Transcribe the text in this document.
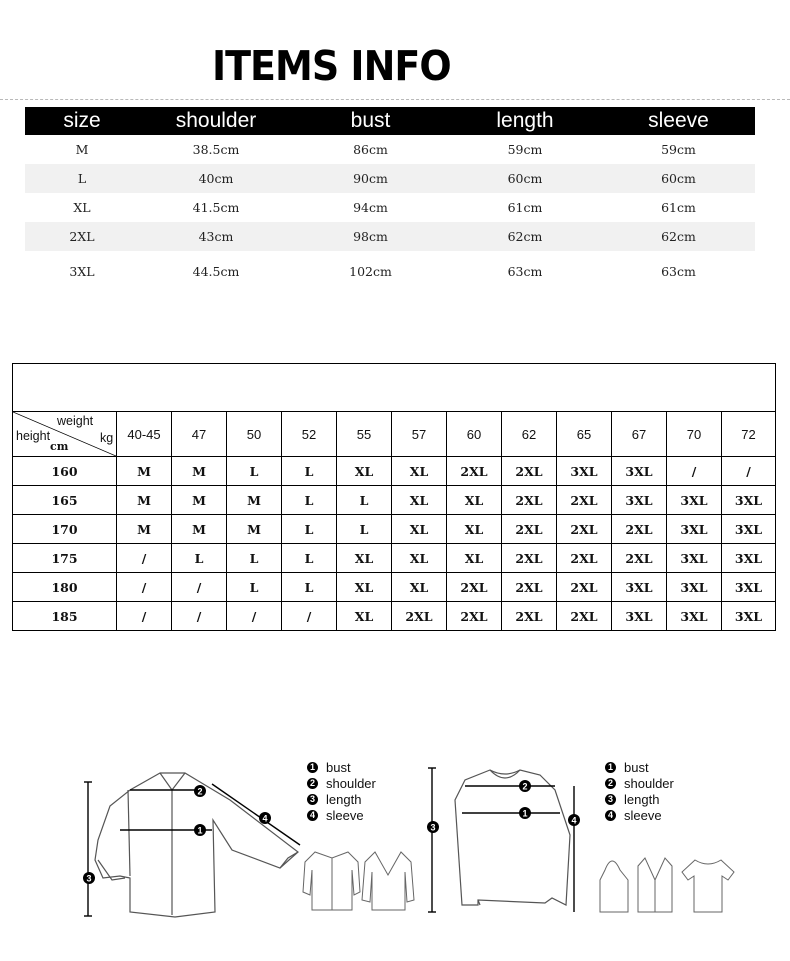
ITEMS INFO
size	shoulder	bust	length	sleeve
M	38.5cm	86cm	59cm	59cm
L	40cm	90cm	60cm	60cm
XL	41.5cm	94cm	61cm	61cm
2XL	43cm	98cm	62cm	62cm
3XL	44.5cm	102cm	63cm	63cm

weight
height kg
cm	40-45	47	50	52	55	57	60	62	65	67	70	72
160	M	M	L	L	XL	XL	2XL	2XL	3XL	3XL	/	/
165	M	M	M	L	L	XL	XL	2XL	2XL	3XL	3XL	3XL
170	M	M	M	L	L	XL	XL	2XL	2XL	2XL	3XL	3XL
175	/	L	L	L	XL	XL	XL	2XL	2XL	2XL	3XL	3XL
180	/	/	L	L	XL	XL	2XL	2XL	2XL	3XL	3XL	3XL
185	/	/	/	/	XL	2XL	2XL	2XL	2XL	3XL	3XL	3XL
2
1
4
3
2
1
3
4
1 bust
2 shoulder
3 length
4 sleeve
1 bust
2 shoulder
3 length
4 sleeve
